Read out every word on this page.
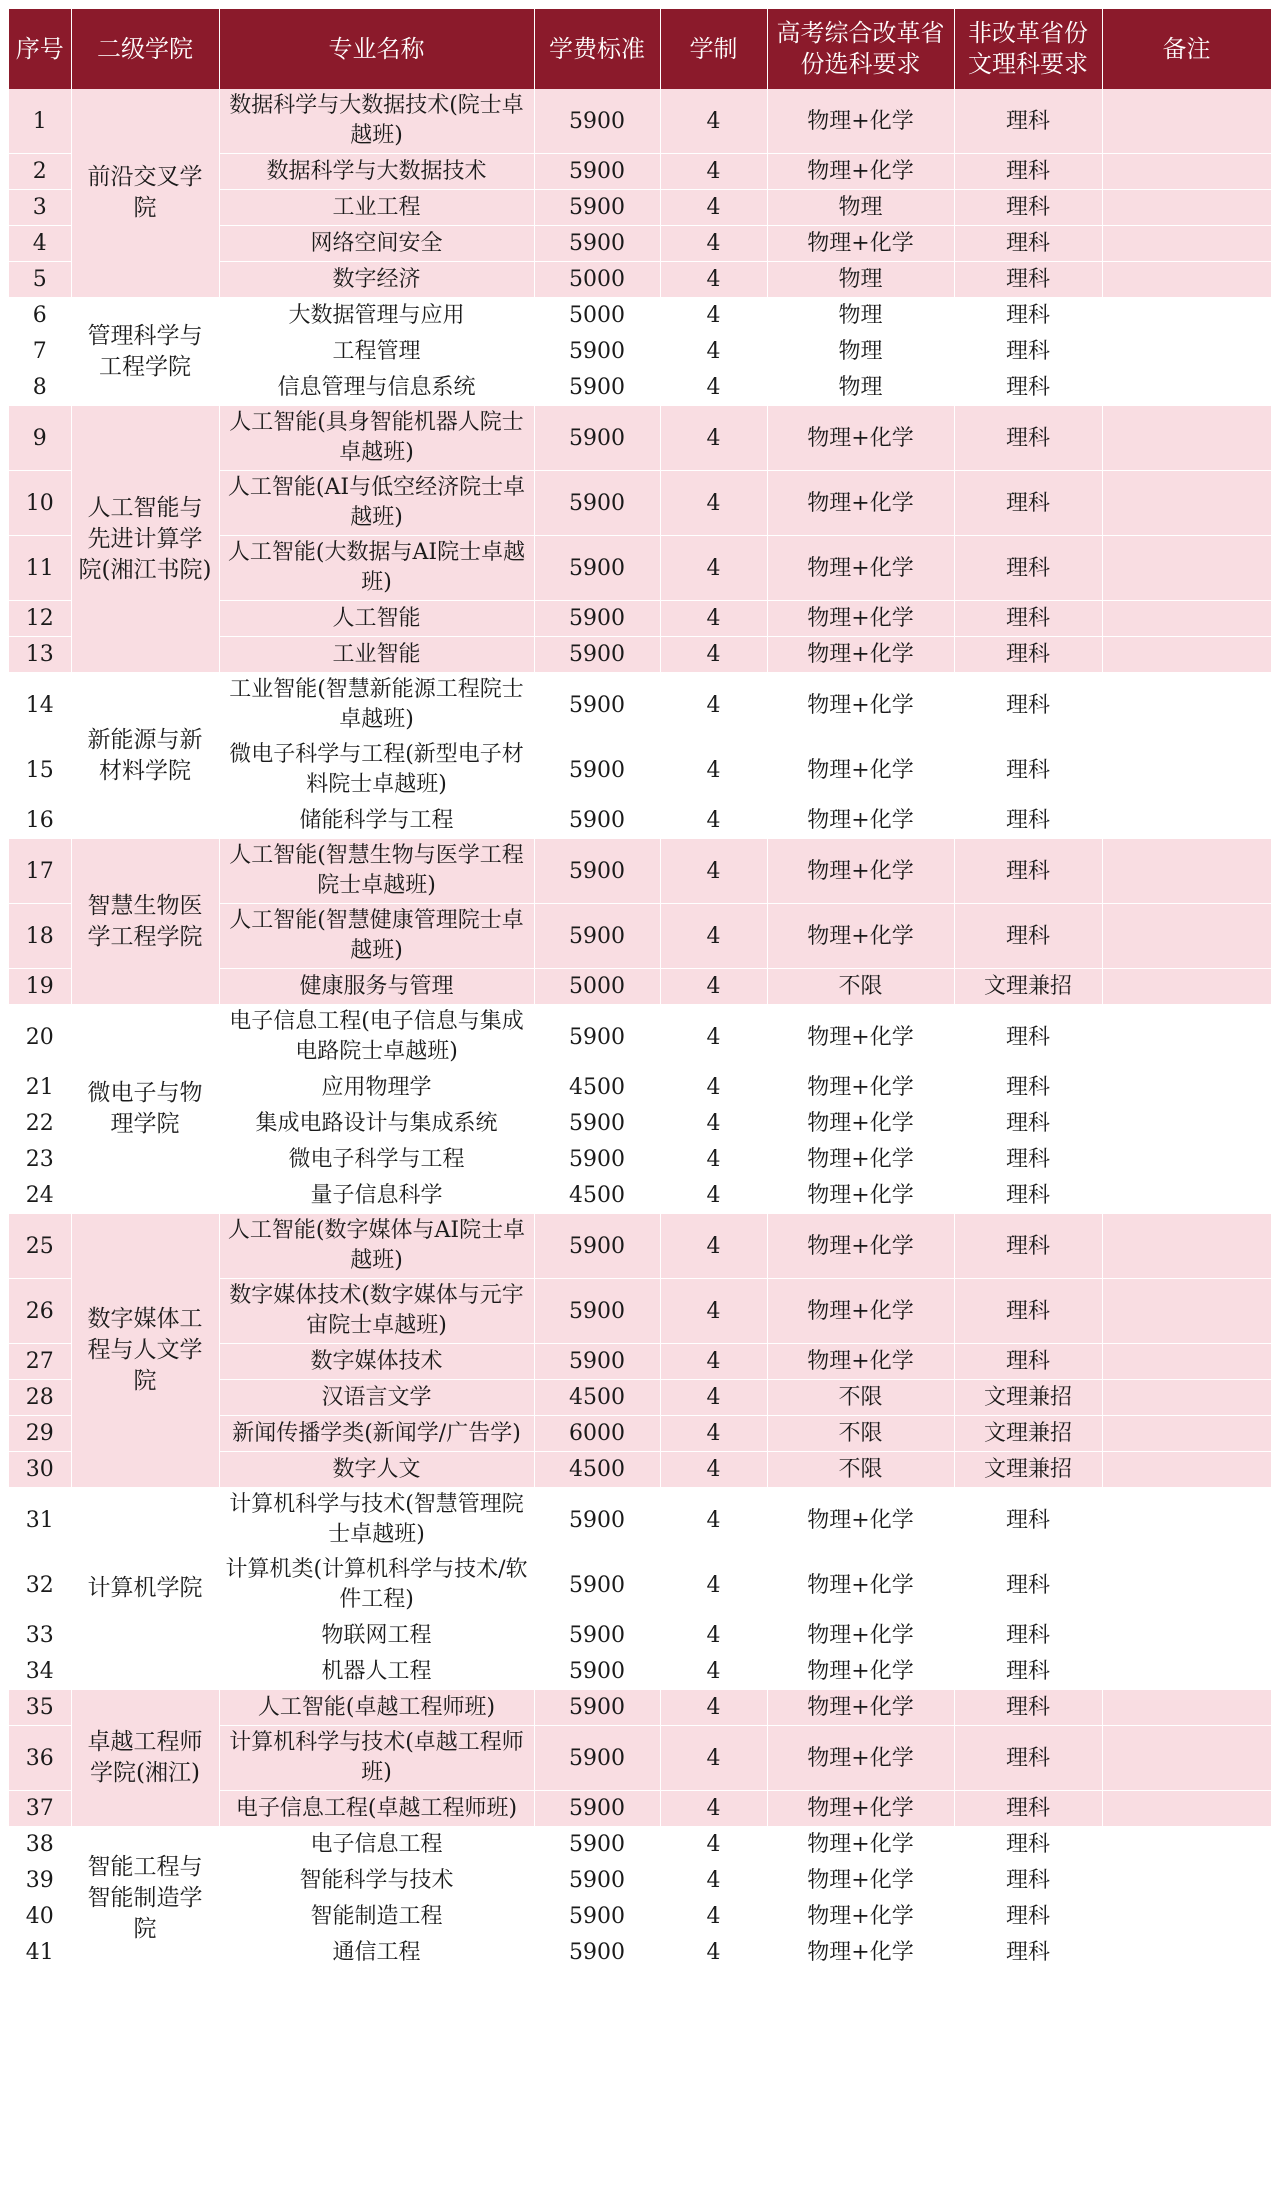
序号	二级学院	专业名称	学费标准	学制	高考综合改革省份选科要求	非改革省份文理科要求	备注
1	前沿交叉学院	数据科学与大数据技术(院士卓越班)	5900	4	物理+化学	理科	
2		数据科学与大数据技术	5900	4	物理+化学	理科	
3		工业工程	5900	4	物理	理科	
4		网络空间安全	5900	4	物理+化学	理科	
5		数字经济	5000	4	物理	理科	
6	管理科学与工程学院	大数据管理与应用	5000	4	物理	理科	
7		工程管理	5900	4	物理	理科	
8		信息管理与信息系统	5900	4	物理	理科	
9	人工智能与先进计算学院(湘江书院)	人工智能(具身智能机器人院士卓越班)	5900	4	物理+化学	理科	
10		人工智能(AI与低空经济院士卓越班)	5900	4	物理+化学	理科	
11		人工智能(大数据与AI院士卓越班)	5900	4	物理+化学	理科	
12		人工智能	5900	4	物理+化学	理科	
13		工业智能	5900	4	物理+化学	理科	
14	新能源与新材料学院	工业智能(智慧新能源工程院士卓越班)	5900	4	物理+化学	理科	
15		微电子科学与工程(新型电子材料院士卓越班)	5900	4	物理+化学	理科	
16		储能科学与工程	5900	4	物理+化学	理科	
17	智慧生物医学工程学院	人工智能(智慧生物与医学工程院士卓越班)	5900	4	物理+化学	理科	
18		人工智能(智慧健康管理院士卓越班)	5900	4	物理+化学	理科	
19		健康服务与管理	5000	4	不限	文理兼招	
20	微电子与物理学院	电子信息工程(电子信息与集成电路院士卓越班)	5900	4	物理+化学	理科	
21		应用物理学	4500	4	物理+化学	理科	
22		集成电路设计与集成系统	5900	4	物理+化学	理科	
23		微电子科学与工程	5900	4	物理+化学	理科	
24		量子信息科学	4500	4	物理+化学	理科	
25	数字媒体工程与人文学院	人工智能(数字媒体与AI院士卓越班)	5900	4	物理+化学	理科	
26		数字媒体技术(数字媒体与元宇宙院士卓越班)	5900	4	物理+化学	理科	
27		数字媒体技术	5900	4	物理+化学	理科	
28		汉语言文学	4500	4	不限	文理兼招	
29		新闻传播学类(新闻学/广告学)	6000	4	不限	文理兼招	
30		数字人文	4500	4	不限	文理兼招	
31	计算机学院	计算机科学与技术(智慧管理院士卓越班)	5900	4	物理+化学	理科	
32		计算机类(计算机科学与技术/软件工程)	5900	4	物理+化学	理科	
33		物联网工程	5900	4	物理+化学	理科	
34		机器人工程	5900	4	物理+化学	理科	
35	卓越工程师学院(湘江)	人工智能(卓越工程师班)	5900	4	物理+化学	理科	
36		计算机科学与技术(卓越工程师班)	5900	4	物理+化学	理科	
37		电子信息工程(卓越工程师班)	5900	4	物理+化学	理科	
38	智能工程与智能制造学院	电子信息工程	5900	4	物理+化学	理科	
39		智能科学与技术	5900	4	物理+化学	理科	
40		智能制造工程	5900	4	物理+化学	理科	
41		通信工程	5900	4	物理+化学	理科	
